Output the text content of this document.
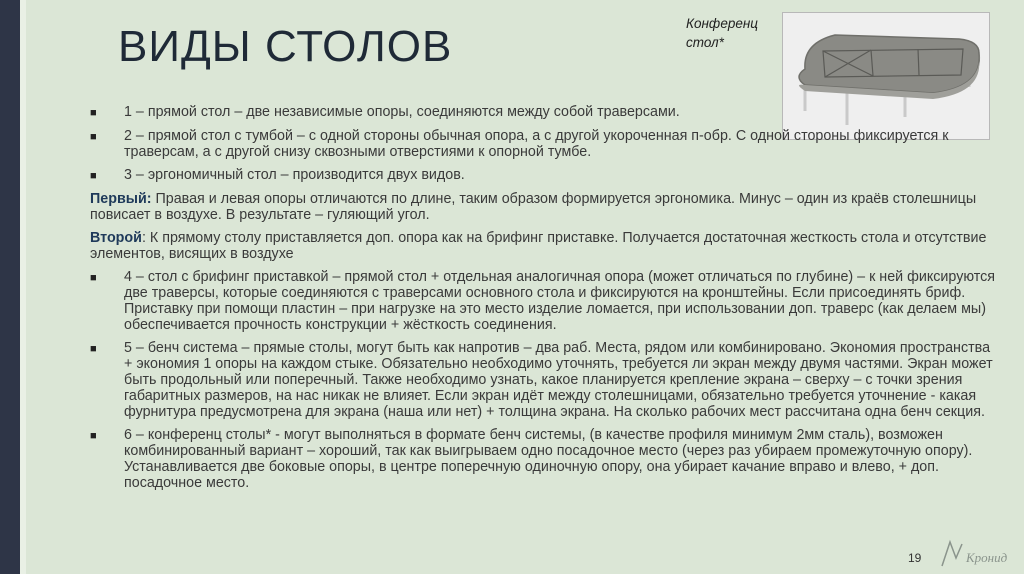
ВИДЫ СТОЛОВ	Конференц стол*
■	1 – прямой стол – две независимые опоры, соединяются между собой траверсами.
■	2 – прямой стол с тумбой – с одной стороны обычная опора, а с другой укороченная п-обр. С одной стороны фиксируется к траверсам, а с другой снизу сквозными отверстиями к опорной тумбе.
■	3 – эргономичный стол – производится двух видов.
Первый: Правая и левая опоры отличаются по длине, таким образом формируется эргономика. Минус – один из краёв столешницы повисает в воздухе. В результате – гуляющий угол.
Второй: К прямому столу приставляется доп. опора как на брифинг приставке. Получается достаточная жесткость стола и отсутствие элементов, висящих в воздухе
■	4 – стол с брифинг приставкой – прямой стол + отдельная аналогичная опора (может отличаться по глубине) – к ней фиксируются две траверсы, которые соединяются с траверсами основного стола и фиксируются на кронштейны. Если присоединять бриф. Приставку при помощи пластин – при нагрузке на это место изделие ломается, при использовании доп. траверс (как делаем мы) обеспечивается прочность конструкции + жёсткость соединения.
■	5 – бенч система – прямые столы, могут быть как напротив – два раб. Места, рядом или комбинировано. Экономия пространства + экономия 1 опоры на каждом стыке. Обязательно необходимо уточнять, требуется ли экран между двумя частями. Экран может быть продольный или поперечный. Также необходимо узнать, какое планируется крепление экрана – сверху – с точки зрения габаритных размеров, на нас никак не влияет. Если экран идёт между столешницами, обязательно требуется уточнение - какая фурнитура предусмотрена для экрана (наша или нет) + толщина экрана. На сколько рабочих мест рассчитана одна бенч секция.
■	6 – конференц столы* - могут выполняться в формате бенч системы, (в качестве профиля минимум 2мм сталь), возможен комбинированный вариант – хороший, так как выигрываем одно посадочное место (через раз убираем промежуточную опору). Устанавливается две боковые опоры, в центре поперечную одиночную опору, она убирает качание вправо и влево, + доп. посадочное место.
19	Кронид
